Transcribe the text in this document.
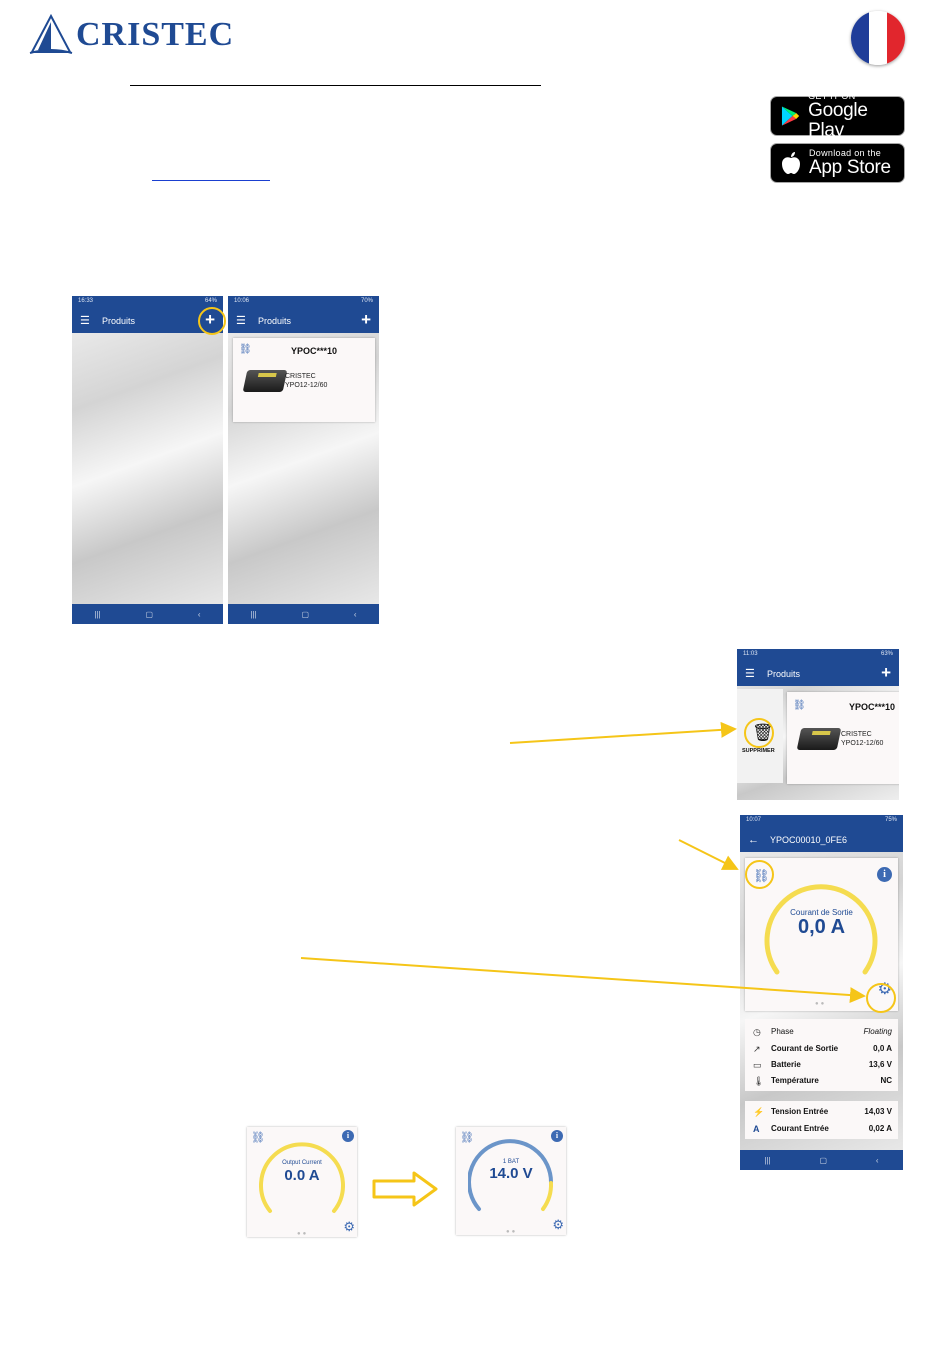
CRISTEC
GET IT ON
Google Play
Download on the
App Store
16:33	64%
☰	Produits	+
|||	▢	‹
10:06	70%
☰	Produits	+
⛓	YPOC***10
CRISTEC
YPO12-12/60
|||	▢	‹
11:03	63%
☰	Produits	+
🗑
SUPPRIMER
⛓	YPOC***10
CRISTEC
YPO12-12/60
10:07	75%
←	YPOC00010_0FE6
⛓	i
Courant de Sortie
0,0 A
⚙
●●
◷ Phase	Floating
↗ Courant de Sortie	0,0 A
▭ Batterie	13,6 V
🌡 Température	NC
⚡ Tension Entrée	14,03 V
A Courant Entrée	0,02 A
|||	▢	‹
⛓	i
Output Current
0.0 A
⚙
●●
⛓	i
1 BAT
14.0 V
⚙
●●
